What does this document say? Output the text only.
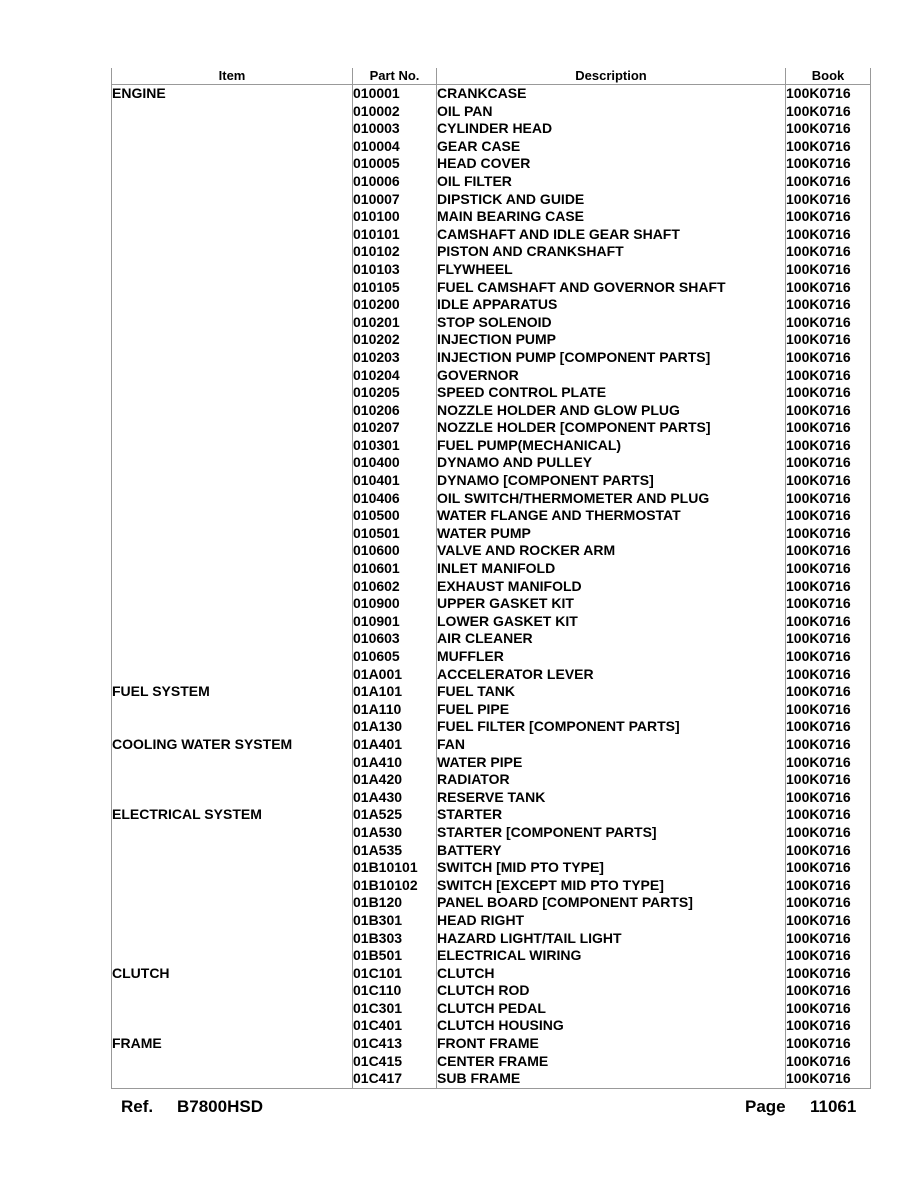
Item	Part No.	Description	Book
ENGINE	010001	CRANKCASE	100K0716
	010002	OIL PAN	100K0716
	010003	CYLINDER HEAD	100K0716
	010004	GEAR CASE	100K0716
	010005	HEAD COVER	100K0716
	010006	OIL FILTER	100K0716
	010007	DIPSTICK AND GUIDE	100K0716
	010100	MAIN BEARING CASE	100K0716
	010101	CAMSHAFT AND IDLE GEAR SHAFT	100K0716
	010102	PISTON AND CRANKSHAFT	100K0716
	010103	FLYWHEEL	100K0716
	010105	FUEL CAMSHAFT AND GOVERNOR SHAFT	100K0716
	010200	IDLE APPARATUS	100K0716
	010201	STOP SOLENOID	100K0716
	010202	INJECTION PUMP	100K0716
	010203	INJECTION PUMP [COMPONENT PARTS]	100K0716
	010204	GOVERNOR	100K0716
	010205	SPEED CONTROL PLATE	100K0716
	010206	NOZZLE HOLDER AND GLOW PLUG	100K0716
	010207	NOZZLE HOLDER [COMPONENT PARTS]	100K0716
	010301	FUEL PUMP(MECHANICAL)	100K0716
	010400	DYNAMO AND PULLEY	100K0716
	010401	DYNAMO [COMPONENT PARTS]	100K0716
	010406	OIL SWITCH/THERMOMETER AND PLUG	100K0716
	010500	WATER FLANGE AND THERMOSTAT	100K0716
	010501	WATER PUMP	100K0716
	010600	VALVE AND ROCKER ARM	100K0716
	010601	INLET MANIFOLD	100K0716
	010602	EXHAUST MANIFOLD	100K0716
	010900	UPPER GASKET KIT	100K0716
	010901	LOWER GASKET KIT	100K0716
	010603	AIR CLEANER	100K0716
	010605	MUFFLER	100K0716
	01A001	ACCELERATOR LEVER	100K0716
FUEL SYSTEM	01A101	FUEL TANK	100K0716
	01A110	FUEL PIPE	100K0716
	01A130	FUEL FILTER [COMPONENT PARTS]	100K0716
COOLING WATER SYSTEM	01A401	FAN	100K0716
	01A410	WATER PIPE	100K0716
	01A420	RADIATOR	100K0716
	01A430	RESERVE TANK	100K0716
ELECTRICAL SYSTEM	01A525	STARTER	100K0716
	01A530	STARTER [COMPONENT PARTS]	100K0716
	01A535	BATTERY	100K0716
	01B10101	SWITCH [MID PTO TYPE]	100K0716
	01B10102	SWITCH [EXCEPT MID PTO TYPE]	100K0716
	01B120	PANEL BOARD [COMPONENT PARTS]	100K0716
	01B301	HEAD RIGHT	100K0716
	01B303	HAZARD LIGHT/TAIL LIGHT	100K0716
	01B501	ELECTRICAL WIRING	100K0716
CLUTCH	01C101	CLUTCH	100K0716
	01C110	CLUTCH ROD	100K0716
	01C301	CLUTCH PEDAL	100K0716
	01C401	CLUTCH HOUSING	100K0716
FRAME	01C413	FRONT FRAME	100K0716
	01C415	CENTER FRAME	100K0716
	01C417	SUB FRAME	100K0716
Ref. B7800HSD	Page 11061
